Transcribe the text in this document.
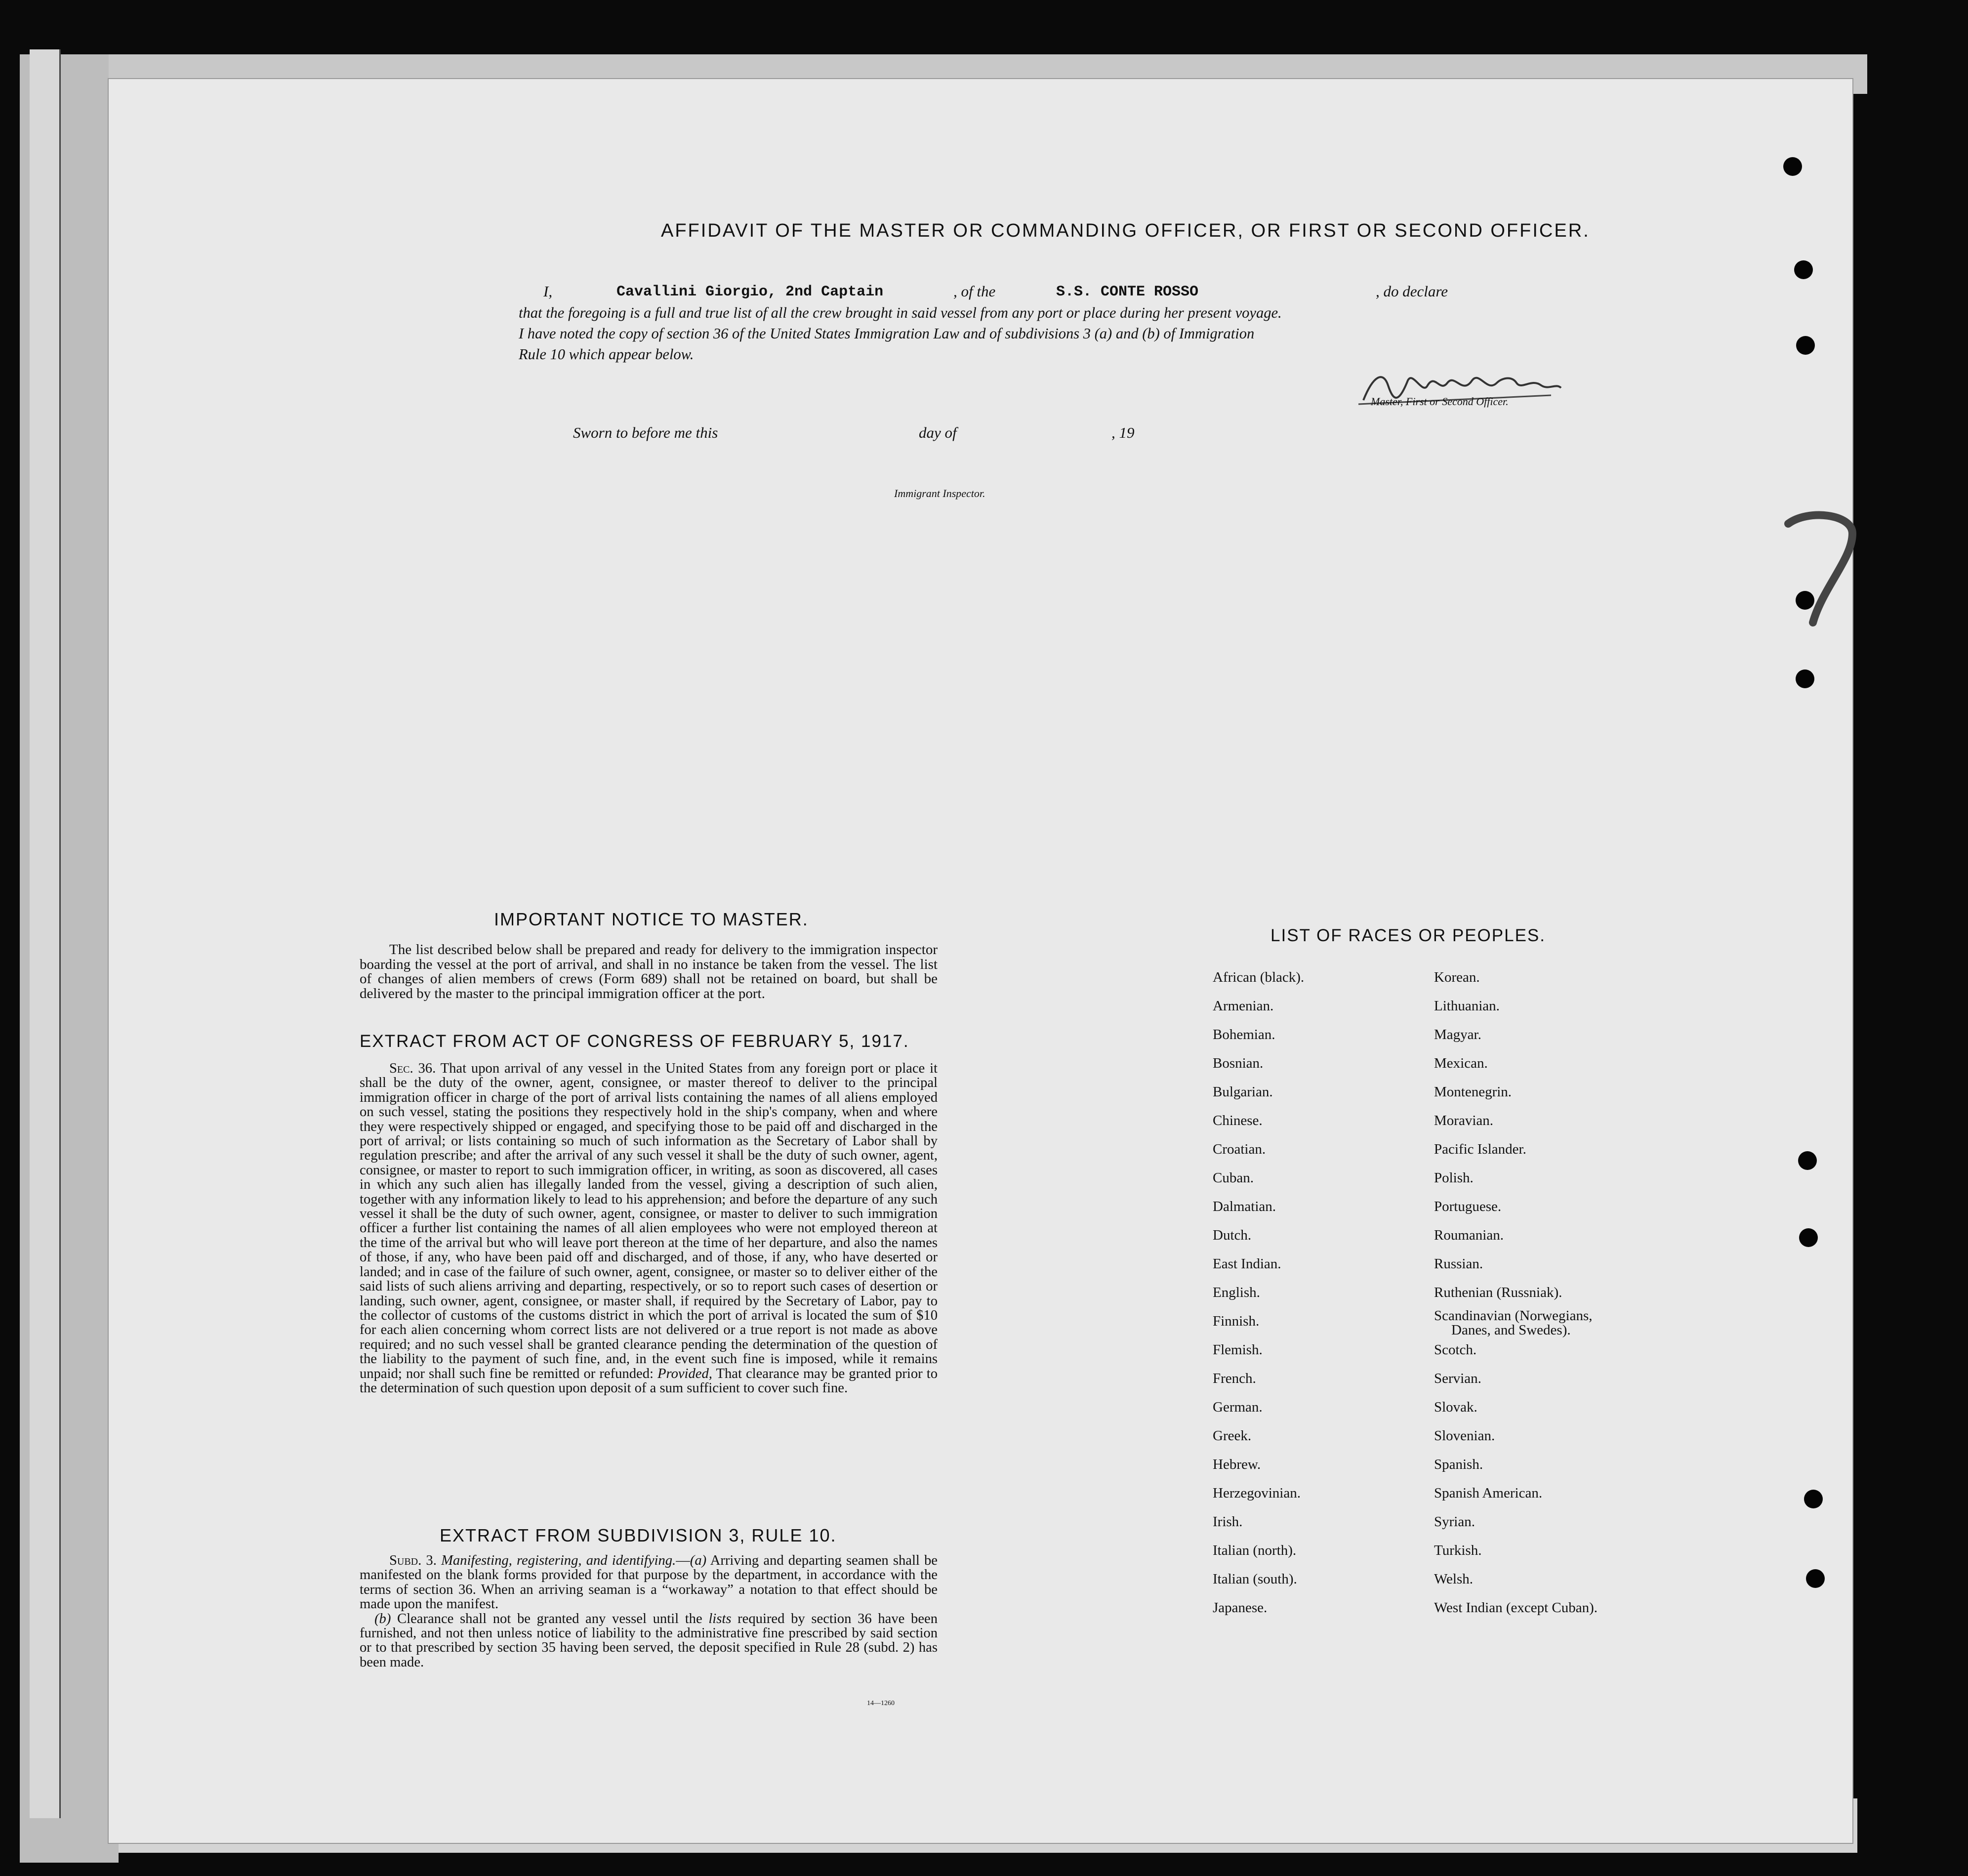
AFFIDAVIT OF THE MASTER OR COMMANDING OFFICER, OR FIRST OR SECOND OFFICER.
I,	Cavallini Giorgio, 2nd Captain	, of the	S.S. CONTE ROSSO	, do declare
that the foregoing is a full and true list of all the crew brought in said vessel from any port or place during her present voyage.
I have noted the copy of section 36 of the United States Immigration Law and of subdivisions 3 (a) and (b) of Immigration
Rule 10 which appear below.
Master, First or Second Officer.
Sworn to before me this	day of	, 19
Immigrant Inspector.
IMPORTANT NOTICE TO MASTER.

The list described below shall be prepared and ready for delivery to the immigration inspector boarding the vessel at the port of arrival, and shall in no instance be taken from the vessel. The list of changes of alien members of crews (Form 689) shall not be retained on board, but shall be delivered by the master to the principal immigration officer at the port.

EXTRACT FROM ACT OF CONGRESS OF FEBRUARY 5, 1917.

Sec. 36. That upon arrival of any vessel in the United States from any foreign port or place it shall be the duty of the owner, agent, consignee, or master thereof to deliver to the principal immigration officer in charge of the port of arrival lists containing the names of all aliens employed on such vessel, stating the positions they respectively hold in the ship's company, when and where they were respectively shipped or engaged, and specifying those to be paid off and discharged in the port of arrival; or lists containing so much of such information as the Secretary of Labor shall by regulation prescribe; and after the arrival of any such vessel it shall be the duty of such owner, agent, consignee, or master to report to such immigration officer, in writing, as soon as discovered, all cases in which any such alien has illegally landed from the vessel, giving a description of such alien, together with any information likely to lead to his apprehension; and before the departure of any such vessel it shall be the duty of such owner, agent, consignee, or master to deliver to such immigration officer a further list containing the names of all alien employees who were not employed thereon at the time of the arrival but who will leave port thereon at the time of her departure, and also the names of those, if any, who have been paid off and discharged, and of those, if any, who have deserted or landed; and in case of the failure of such owner, agent, consignee, or master so to deliver either of the said lists of such aliens arriving and departing, respectively, or so to report such cases of desertion or landing, such owner, agent, consignee, or master shall, if required by the Secretary of Labor, pay to the collector of customs of the customs district in which the port of arrival is located the sum of $10 for each alien concerning whom correct lists are not delivered or a true report is not made as above required; and no such vessel shall be granted clearance pending the determination of the question of the liability to the payment of such fine, and, in the event such fine is imposed, while it remains unpaid; nor shall such fine be remitted or refunded: Provided, That clearance may be granted prior to the determination of such question upon deposit of a sum sufficient to cover such fine.

EXTRACT FROM SUBDIVISION 3, RULE 10.

Subd. 3. Manifesting, registering, and identifying.—(a) Arriving and departing seamen shall be manifested on the blank forms provided for that purpose by the department, in accordance with the terms of section 36. When an arriving seaman is a “workaway” a notation to that effect should be made upon the manifest.

(b) Clearance shall not be granted any vessel until the lists required by section 36 have been furnished, and not then unless notice of liability to the administrative fine prescribed by said section or to that prescribed by section 35 having been served, the deposit specified in Rule 28 (subd. 2) has been made.

14—1260
LIST OF RACES OR PEOPLES.
African (black).
Armenian.
Bohemian.
Bosnian.
Bulgarian.
Chinese.
Croatian.
Cuban.
Dalmatian.
Dutch.
East Indian.
English.
Finnish.
Flemish.
French.
German.
Greek.
Hebrew.
Herzegovinian.
Irish.
Italian (north).
Italian (south).
Japanese.
Korean.
Lithuanian.
Magyar.
Mexican.
Montenegrin.
Moravian.
Pacific Islander.
Polish.
Portuguese.
Roumanian.
Russian.
Ruthenian (Russniak).
Scandinavian (Norwegians,
Danes, and Swedes).
Scotch.
Servian.
Slovak.
Slovenian.
Spanish.
Spanish American.
Syrian.
Turkish.
Welsh.
West Indian (except Cuban).
